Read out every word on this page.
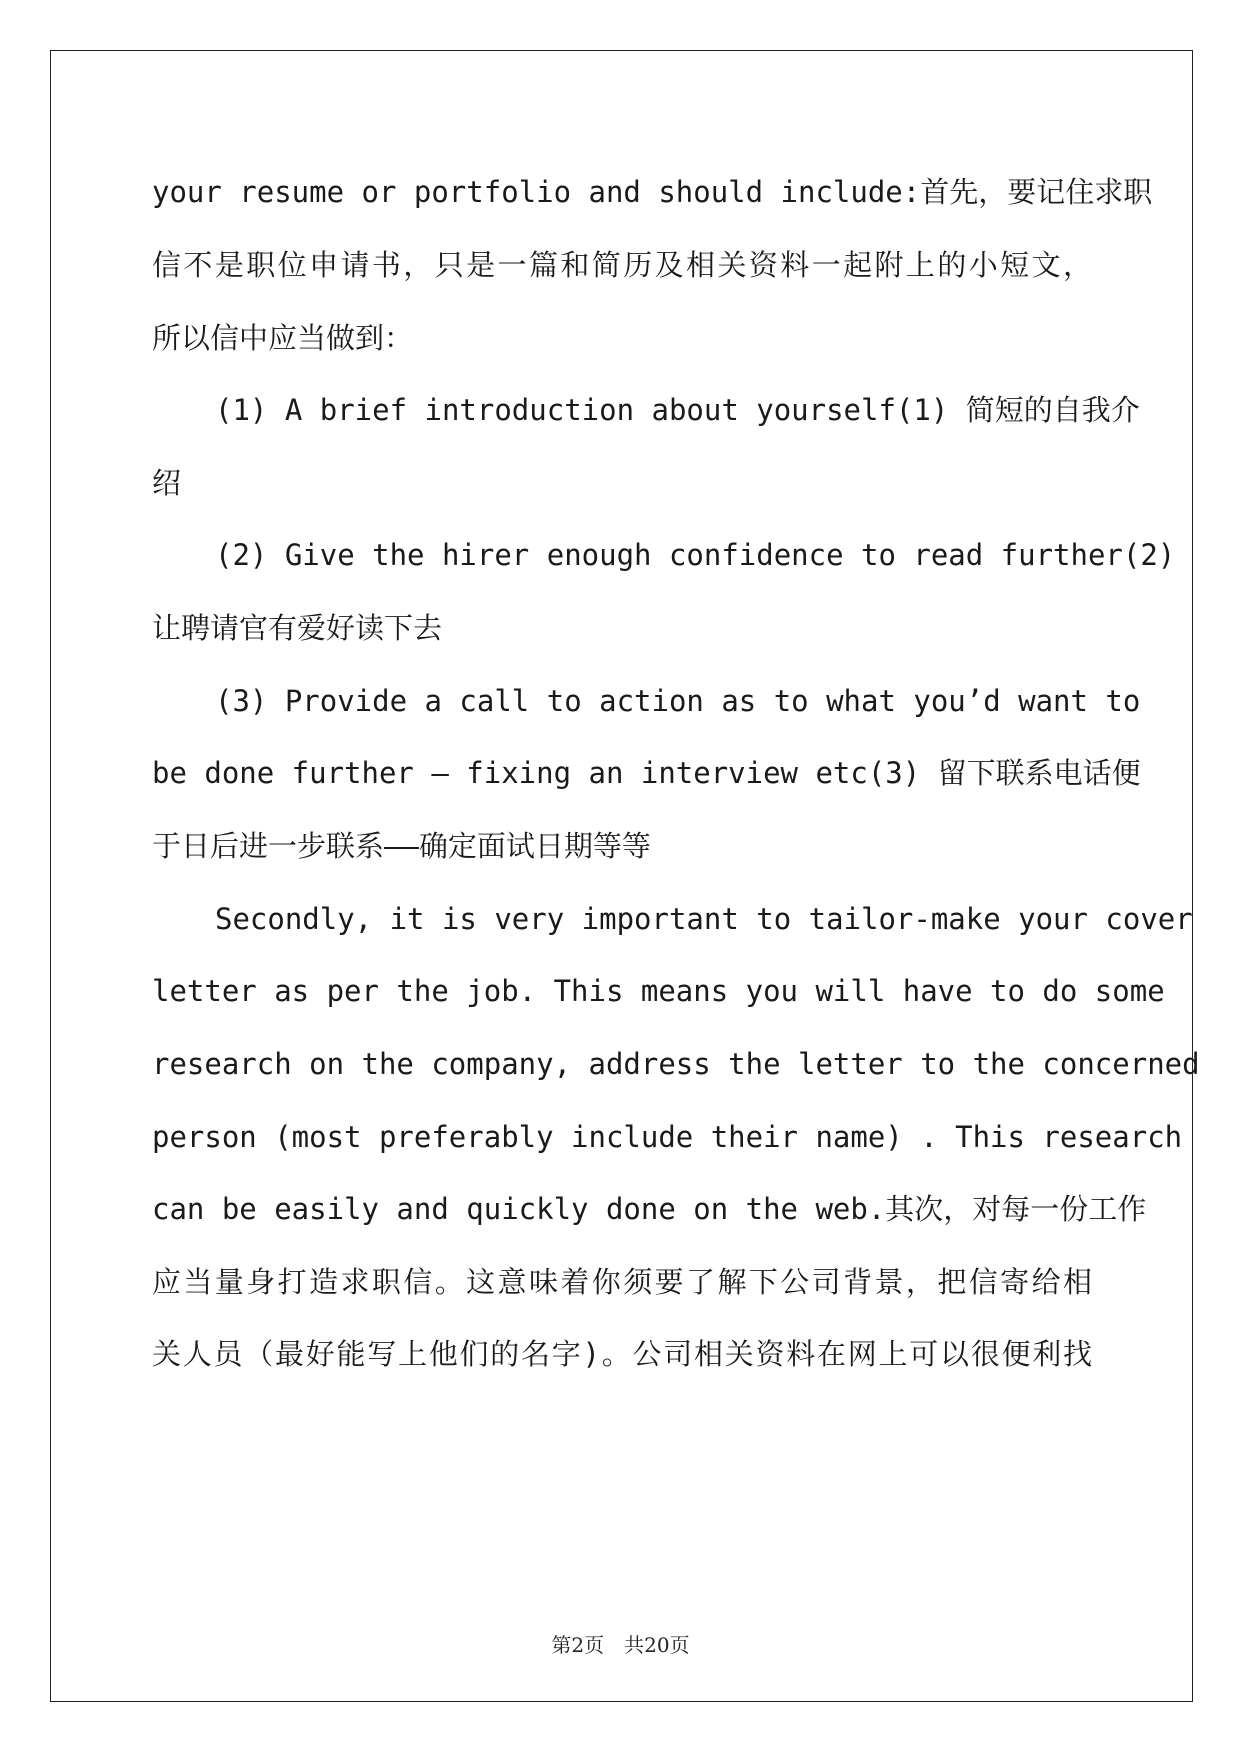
your resume or portfolio and should include:首先，要记住求职
信不是职位申请书，只是一篇和简历及相关资料一起附上的小短文，
所以信中应当做到：
(1) A brief introduction about yourself(1) 简短的自我介
绍
(2) Give the hirer enough confidence to read further(2)
让聘请官有爱好读下去
(3) Provide a call to action as to what you’d want to
be done further – fixing an interview etc(3) 留下联系电话便
于日后进一步联系——确定面试日期等等
Secondly, it is very important to tailor-make your cover
letter as per the job. This means you will have to do some
research on the company, address the letter to the concerned
person (most preferably include their name) . This research
can be easily and quickly done on the web.其次，对每一份工作
应当量身打造求职信。这意味着你须要了解下公司背景，把信寄给相
关人员（最好能写上他们的名字)。公司相关资料在网上可以很便利找
第2页 共20页
